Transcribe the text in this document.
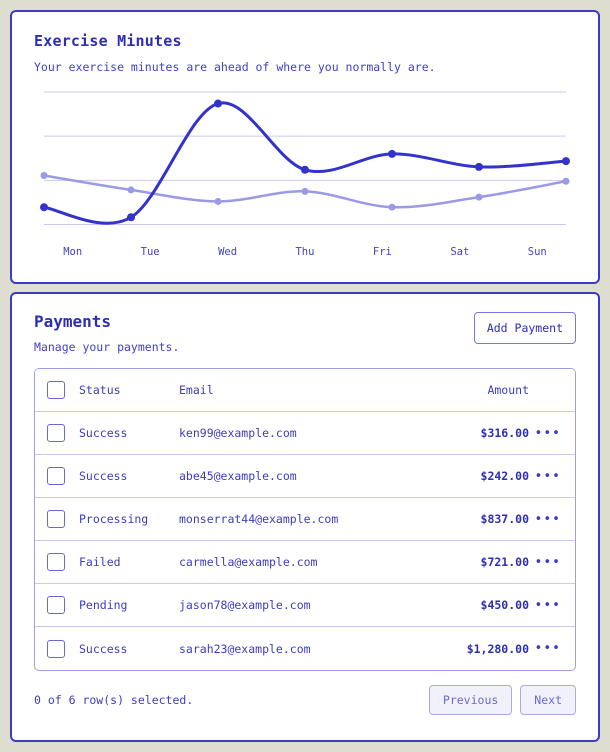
Exercise Minutes
Your exercise minutes are ahead of where you normally are.
Mon	Tue	Wed	Thu	Fri	Sat	Sun
Payments
Manage your payments.
Add Payment
Status	Email	Amount
Success	ken99@example.com	$316.00 •••
Success	abe45@example.com	$242.00 •••
Processing	monserrat44@example.com	$837.00 •••
Failed	carmella@example.com	$721.00 •••
Pending	jason78@example.com	$450.00 •••
Success	sarah23@example.com	$1,280.00 •••
0 of 6 row(s) selected.	Previous	Next
